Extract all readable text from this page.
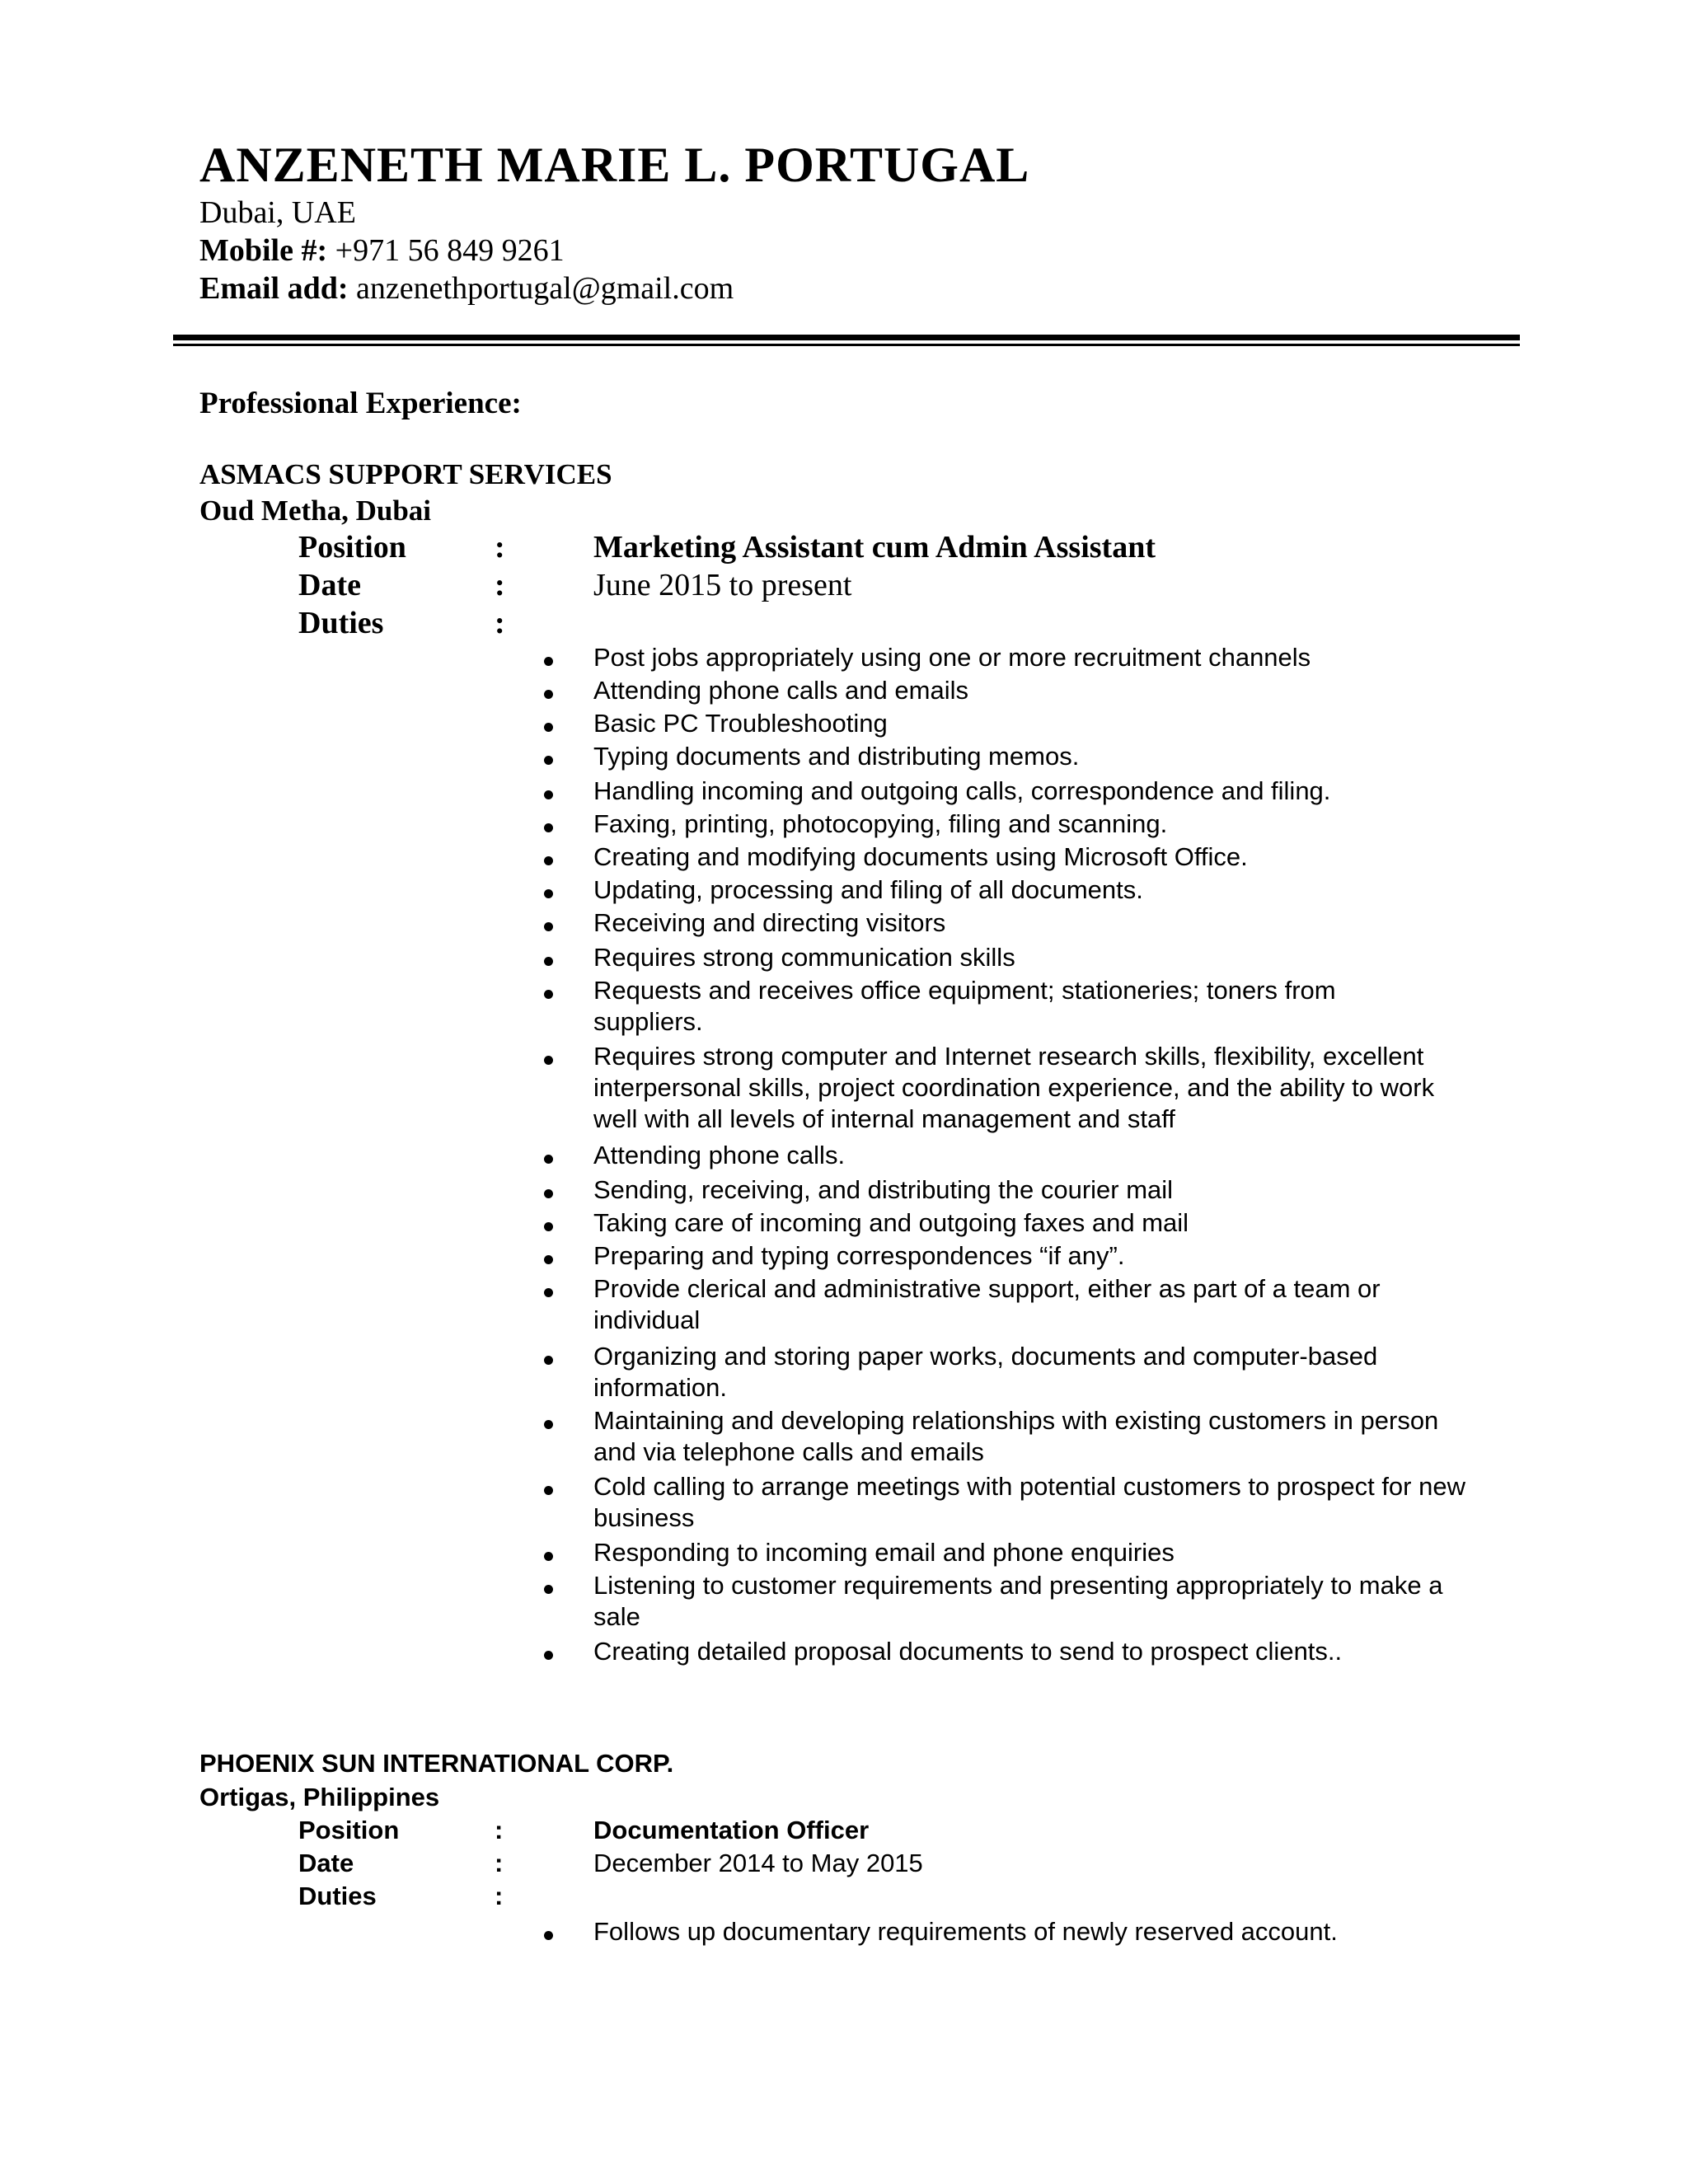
ANZENETH MARIE L. PORTUGAL
Dubai, UAE
Mobile #: +971 56 849 9261
Email add: anzenethportugal@gmail.com
Professional Experience:
ASMACS SUPPORT SERVICES
Oud Metha, Dubai
Position	:	Marketing Assistant cum Admin Assistant
Date	:	June 2015 to present
Duties	:
Post jobs appropriately using one or more recruitment channels
Attending phone calls and emails
Basic PC Troubleshooting
Typing documents and distributing memos.
Handling incoming and outgoing calls, correspondence and filing.
Faxing, printing, photocopying, filing and scanning.
Creating and modifying documents using Microsoft Office.
Updating, processing and filing of all documents.
Receiving and directing visitors
Requires strong communication skills
Requests and receives office equipment; stationeries; toners from suppliers.
Requires strong computer and Internet research skills, flexibility, excellent interpersonal skills, project coordination experience, and the ability to work well with all levels of internal management and staff
Attending phone calls.
Sending, receiving, and distributing the courier mail
Taking care of incoming and outgoing faxes and mail
Preparing and typing correspondences “if any”.
Provide clerical and administrative support, either as part of a team or individual
Organizing and storing paper works, documents and computer-based information.
Maintaining and developing relationships with existing customers in person and via telephone calls and emails
Cold calling to arrange meetings with potential customers to prospect for new business
Responding to incoming email and phone enquiries
Listening to customer requirements and presenting appropriately to make a sale
Creating detailed proposal documents to send to prospect clients..
PHOENIX SUN INTERNATIONAL CORP.
Ortigas, Philippines
Position	:	Documentation Officer
Date	:	December 2014 to May 2015
Duties	:
Follows up documentary requirements of newly reserved account.
